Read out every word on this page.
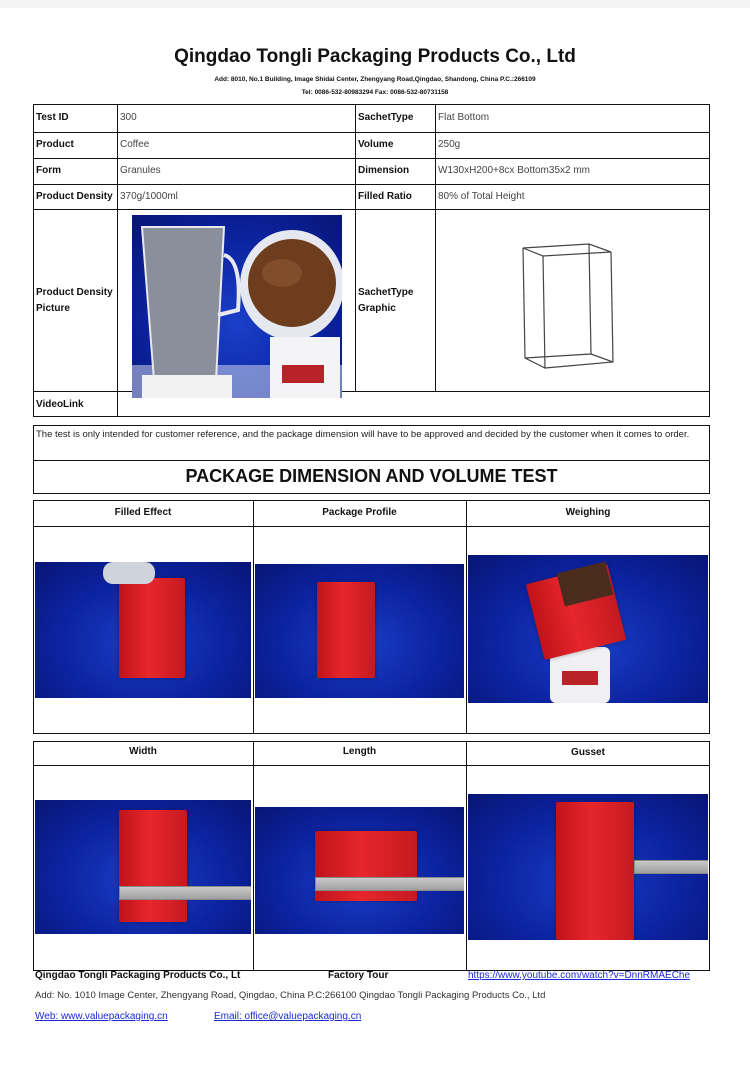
Qingdao Tongli Packaging Products Co., Ltd
Add: 8010, No.1 Building, Image Shidai Center, Zhengyang Road,Qingdao, Shandong, China P.C.:266109
Tel: 0086-532-80983294 Fax: 0086-532-80731158
Test ID	300	SachetType Flat Bottom
Product	Coffee	Volume	250g
Form	Granules	Dimension	W130xH200+8cx Bottom35x2 mm
Product Density 370g/1000ml	Filled Ratio	80% of Total Height
Product Density Picture
SachetType Graphic
VideoLink
The test is only intended for customer reference, and the package dimension will have to be approved and decided by the customer when it comes to order.
PACKAGE DIMENSION AND VOLUME TEST
Filled Effect	Package Profile	Weighing
Width	Length	Gusset
Qingdao Tongli Packaging Products Co., Lt	Factory Tour	https://www.youtube.com/watch?v=DnnRMAEChe
Add: No. 1010 Image Center, Zhengyang Road, Qingdao, China P.C:266100 Qingdao Tongli Packaging Products Co., Ltd
Web: www.valuepackaging.cn	Email: office@valuepackaging.cn
